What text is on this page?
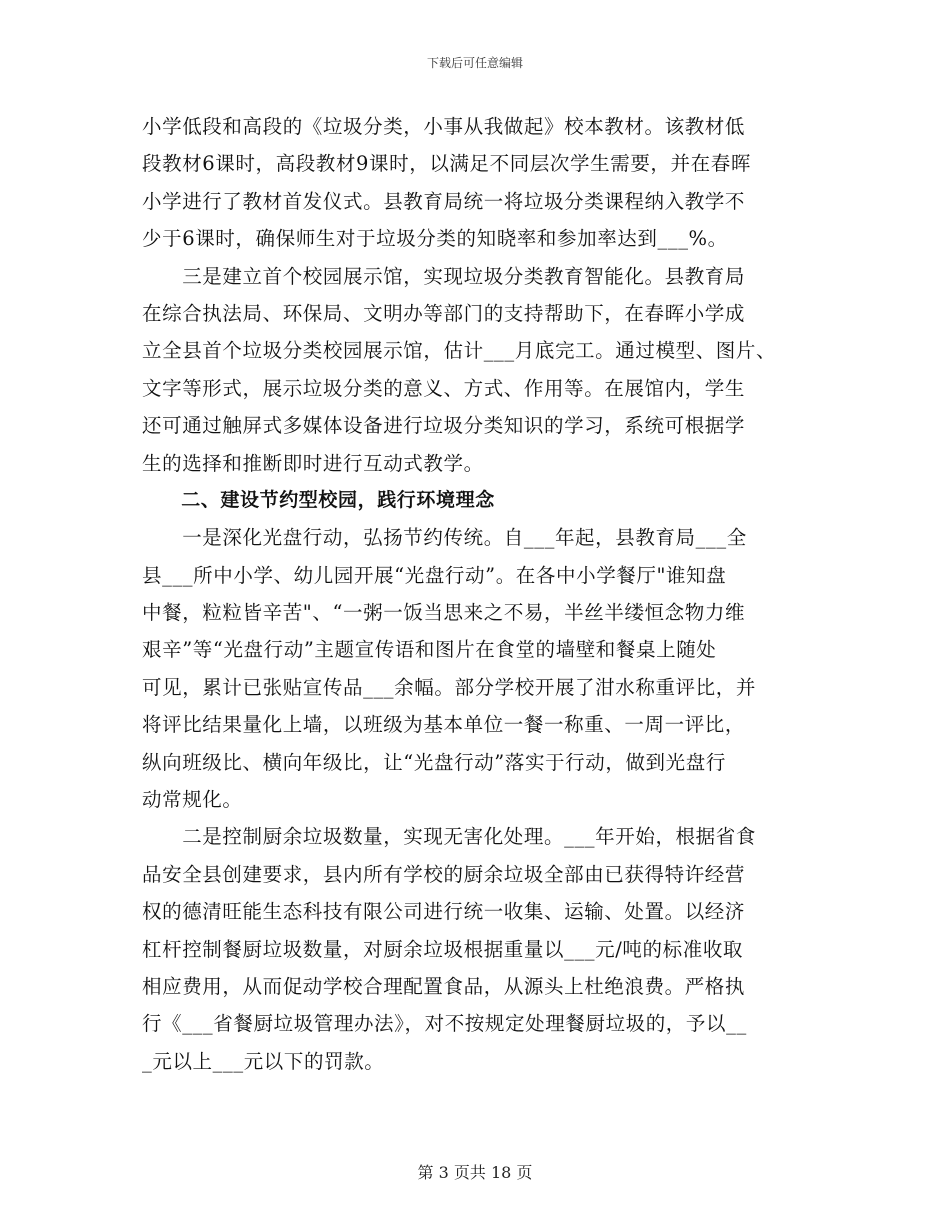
下载后可任意编辑
小学低段和高段的《垃圾分类，小事从我做起》校本教材。该教材低
段教材6课时，高段教材9课时，以满足不同层次学生需要，并在春晖
小学进行了教材首发仪式。县教育局统一将垃圾分类课程纳入教学不
少于6课时，确保师生对于垃圾分类的知晓率和参加率达到___%。
　　三是建立首个校园展示馆，实现垃圾分类教育智能化。县教育局
在综合执法局、环保局、文明办等部门的支持帮助下，在春晖小学成
立全县首个垃圾分类校园展示馆，估计___月底完工。通过模型、图片、
文字等形式，展示垃圾分类的意义、方式、作用等。在展馆内，学生
还可通过触屏式多媒体设备进行垃圾分类知识的学习，系统可根据学
生的选择和推断即时进行互动式教学。
　　二、建设节约型校园，践行环境理念
　　一是深化光盘行动，弘扬节约传统。自___年起，县教育局___全
县___所中小学、幼儿园开展“光盘行动”。在各中小学餐厅"谁知盘
中餐，粒粒皆辛苦"、“一粥一饭当思来之不易，半丝半缕恒念物力维
艰辛”等“光盘行动”主题宣传语和图片在食堂的墙壁和餐桌上随处
可见，累计已张贴宣传品___余幅。部分学校开展了泔水称重评比，并
将评比结果量化上墙，以班级为基本单位一餐一称重、一周一评比，
纵向班级比、横向年级比，让“光盘行动”落实于行动，做到光盘行
动常规化。
　　二是控制厨余垃圾数量，实现无害化处理。___年开始，根据省食
品安全县创建要求，县内所有学校的厨余垃圾全部由已获得特许经营
权的德清旺能生态科技有限公司进行统一收集、运输、处置。以经济
杠杆控制餐厨垃圾数量，对厨余垃圾根据重量以___元/吨的标准收取
相应费用，从而促动学校合理配置食品，从源头上杜绝浪费。严格执
行《___省餐厨垃圾管理办法》，对不按规定处理餐厨垃圾的，予以__
_元以上___元以下的罚款。
第 3 页共 18 页
